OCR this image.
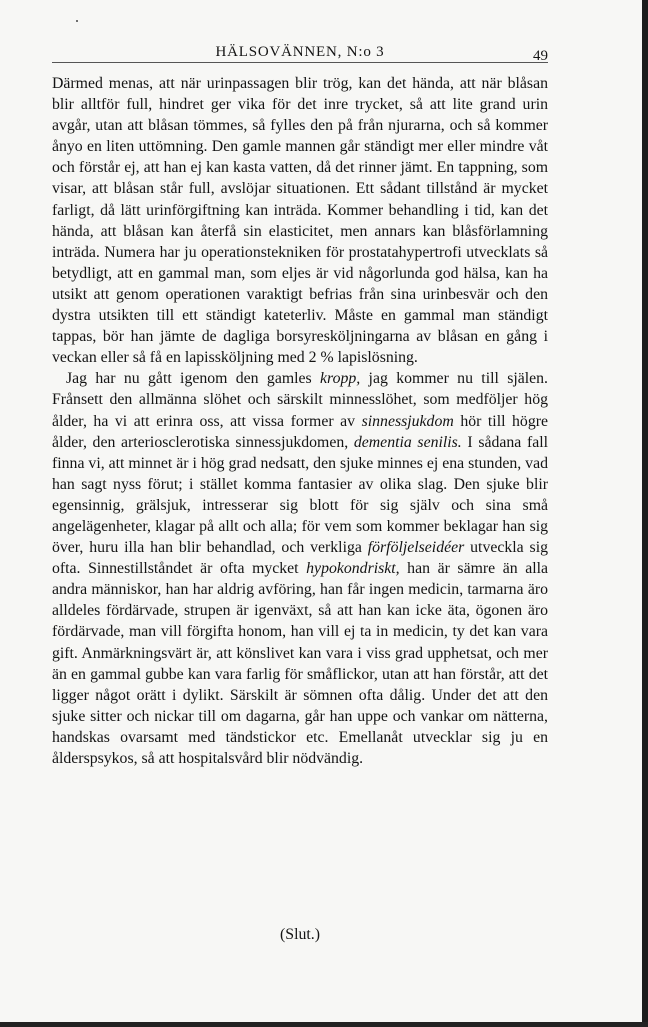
HÄLSOVÄNNEN, N:o 3	49

Därmed menas, att när urinpassagen blir trög, kan det hända, att när blåsan blir alltför full, hindret ger vika för det inre trycket, så att lite grand urin avgår, utan att blåsan tömmes, så fylles den på från njurarna, och så kommer ånyo en liten uttömning. Den gamle mannen går ständigt mer eller mindre våt och förstår ej, att han ej kan kasta vatten, då det rinner jämt. En tappning, som visar, att blåsan står full, avslöjar situationen. Ett sådant tillstånd är mycket farligt, då lätt urinförgiftning kan inträda. Kommer behandling i tid, kan det hända, att blåsan kan återfå sin elasticitet, men annars kan blåsförlamning inträda. Numera har ju operationstekniken för prostatahypertrofi utvecklats så betydligt, att en gammal man, som eljes är vid någorlunda god hälsa, kan ha utsikt att genom operationen varaktigt befrias från sina urinbesvär och den dystra utsikten till ett ständigt kateterliv. Måste en gammal man ständigt tappas, bör han jämte de dagliga borsyresköljningarna av blåsan en gång i veckan eller så få en lapissköljning med 2 % lapislösning.

Jag har nu gått igenom den gamles kropp, jag kommer nu till själen. Frånsett den allmänna slöhet och särskilt minnesslöhet, som medföljer hög ålder, ha vi att erinra oss, att vissa former av sinnessjukdom hör till högre ålder, den arteriosclerotiska sinnessjukdomen, dementia senilis. I sådana fall finna vi, att minnet är i hög grad nedsatt, den sjuke minnes ej ena stunden, vad han sagt nyss förut; i stället komma fantasier av olika slag. Den sjuke blir egensinnig, grälsjuk, intresserar sig blott för sig själv och sina små angelägenheter, klagar på allt och alla; för vem som kommer beklagar han sig över, huru illa han blir behandlad, och verkliga förföljelseidéer utveckla sig ofta. Sinnestillståndet är ofta mycket hypokondriskt, han är sämre än alla andra människor, han har aldrig avföring, han får ingen medicin, tarmarna äro alldeles fördärvade, strupen är igenväxt, så att han kan icke äta, ögonen äro fördärvade, man vill förgifta honom, han vill ej ta in medicin, ty det kan vara gift. Anmärkningsvärt är, att könslivet kan vara i viss grad upphetsat, och mer än en gammal gubbe kan vara farlig för småflickor, utan att han förstår, att det ligger något orätt i dylikt. Särskilt är sömnen ofta dålig. Under det att den sjuke sitter och nickar till om dagarna, går han uppe och vankar om nätterna, handskas ovarsamt med tändstickor etc. Emellanåt utvecklar sig ju en ålderspsykos, så att hospitalsvård blir nödvändig.

(Slut.)
